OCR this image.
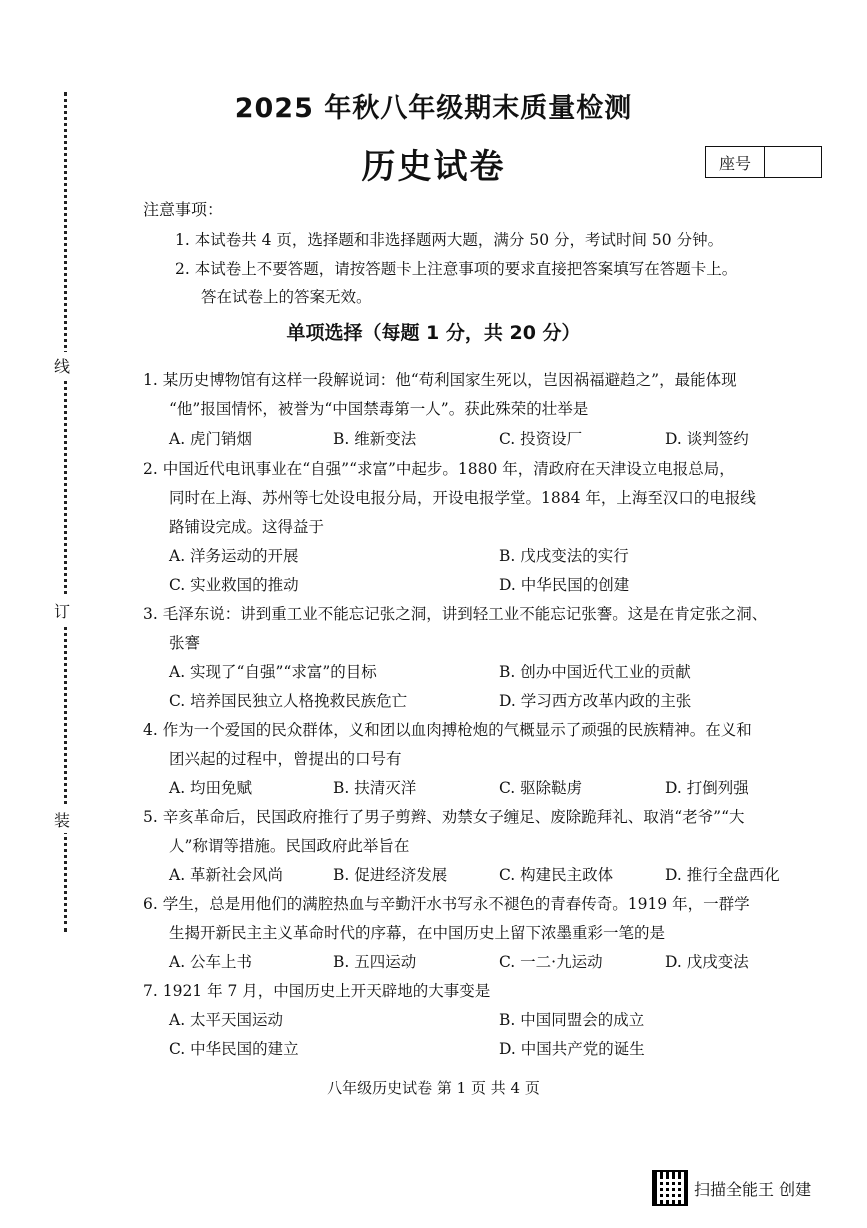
线
订
装
2025 年秋八年级期末质量检测
历史试卷	座号
注意事项：
1. 本试卷共 4 页，选择题和非选择题两大题，满分 50 分，考试时间 50 分钟。
2. 本试卷上不要答题，请按答题卡上注意事项的要求直接把答案填写在答题卡上。
答在试卷上的答案无效。
单项选择（每题 1 分，共 20 分）
1. 某历史博物馆有这样一段解说词：他“苟利国家生死以，岂因祸福避趋之”，最能体现
“他”报国情怀，被誉为“中国禁毒第一人”。获此殊荣的壮举是
A. 虎门销烟	B. 维新变法	C. 投资设厂	D. 谈判签约
2. 中国近代电讯事业在“自强”“求富”中起步。1880 年，清政府在天津设立电报总局，
同时在上海、苏州等七处设电报分局，开设电报学堂。1884 年，上海至汉口的电报线
路铺设完成。这得益于
A. 洋务运动的开展	B. 戊戌变法的实行
C. 实业救国的推动	D. 中华民国的创建
3. 毛泽东说：讲到重工业不能忘记张之洞，讲到轻工业不能忘记张謇。这是在肯定张之洞、
张謇
A. 实现了“自强”“求富”的目标	B. 创办中国近代工业的贡献
C. 培养国民独立人格挽救民族危亡	D. 学习西方改革内政的主张
4. 作为一个爱国的民众群体，义和团以血肉搏枪炮的气概显示了顽强的民族精神。在义和
团兴起的过程中，曾提出的口号有
A. 均田免赋	B. 扶清灭洋	C. 驱除鞑虏	D. 打倒列强
5. 辛亥革命后，民国政府推行了男子剪辫、劝禁女子缠足、废除跪拜礼、取消“老爷”“大
人”称谓等措施。民国政府此举旨在
A. 革新社会风尚	B. 促进经济发展	C. 构建民主政体	D. 推行全盘西化
6. 学生，总是用他们的满腔热血与辛勤汗水书写永不褪色的青春传奇。1919 年，一群学
生揭开新民主主义革命时代的序幕，在中国历史上留下浓墨重彩一笔的是
A. 公车上书	B. 五四运动	C. 一二·九运动	D. 戊戌变法
7. 1921 年 7 月，中国历史上开天辟地的大事变是
A. 太平天国运动	B. 中国同盟会的成立
C. 中华民国的建立	D. 中国共产党的诞生
八年级历史试卷 第 1 页 共 4 页
扫描全能王 创建
